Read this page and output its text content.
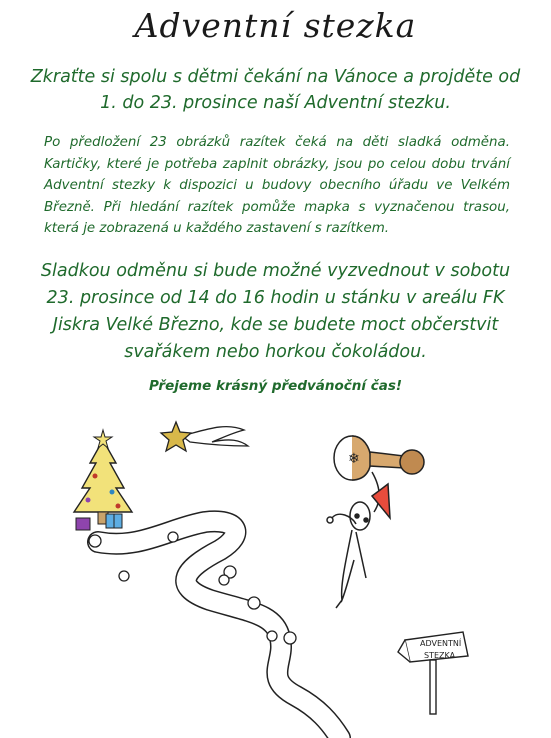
Adventní stezka
Zkraťte si spolu s dětmi čekání na Vánoce a projděte od 1. do 23. prosince naší Adventní stezku.
Po předložení 23 obrázků razítek čeká na děti sladká odměna. Kartičky, které je potřeba zaplnit obrázky, jsou po celou dobu trvání Adventní stezky k dispozici u budovy obecního úřadu ve Velkém Březně. Při hledání razítek pomůže mapka s vyznačenou trasou, která je zobrazená u každého zastavení s razítkem.
Sladkou odměnu si bude možné vyzvednout v sobotu 23. prosince od 14 do 16 hodin u stánku v areálu FK Jiskra Velké Březno, kde se budete moct občerstvit svařákem nebo horkou čokoládou.
Přejeme krásný předvánoční čas!
❄
ADVENTNÍ
STEZKA
